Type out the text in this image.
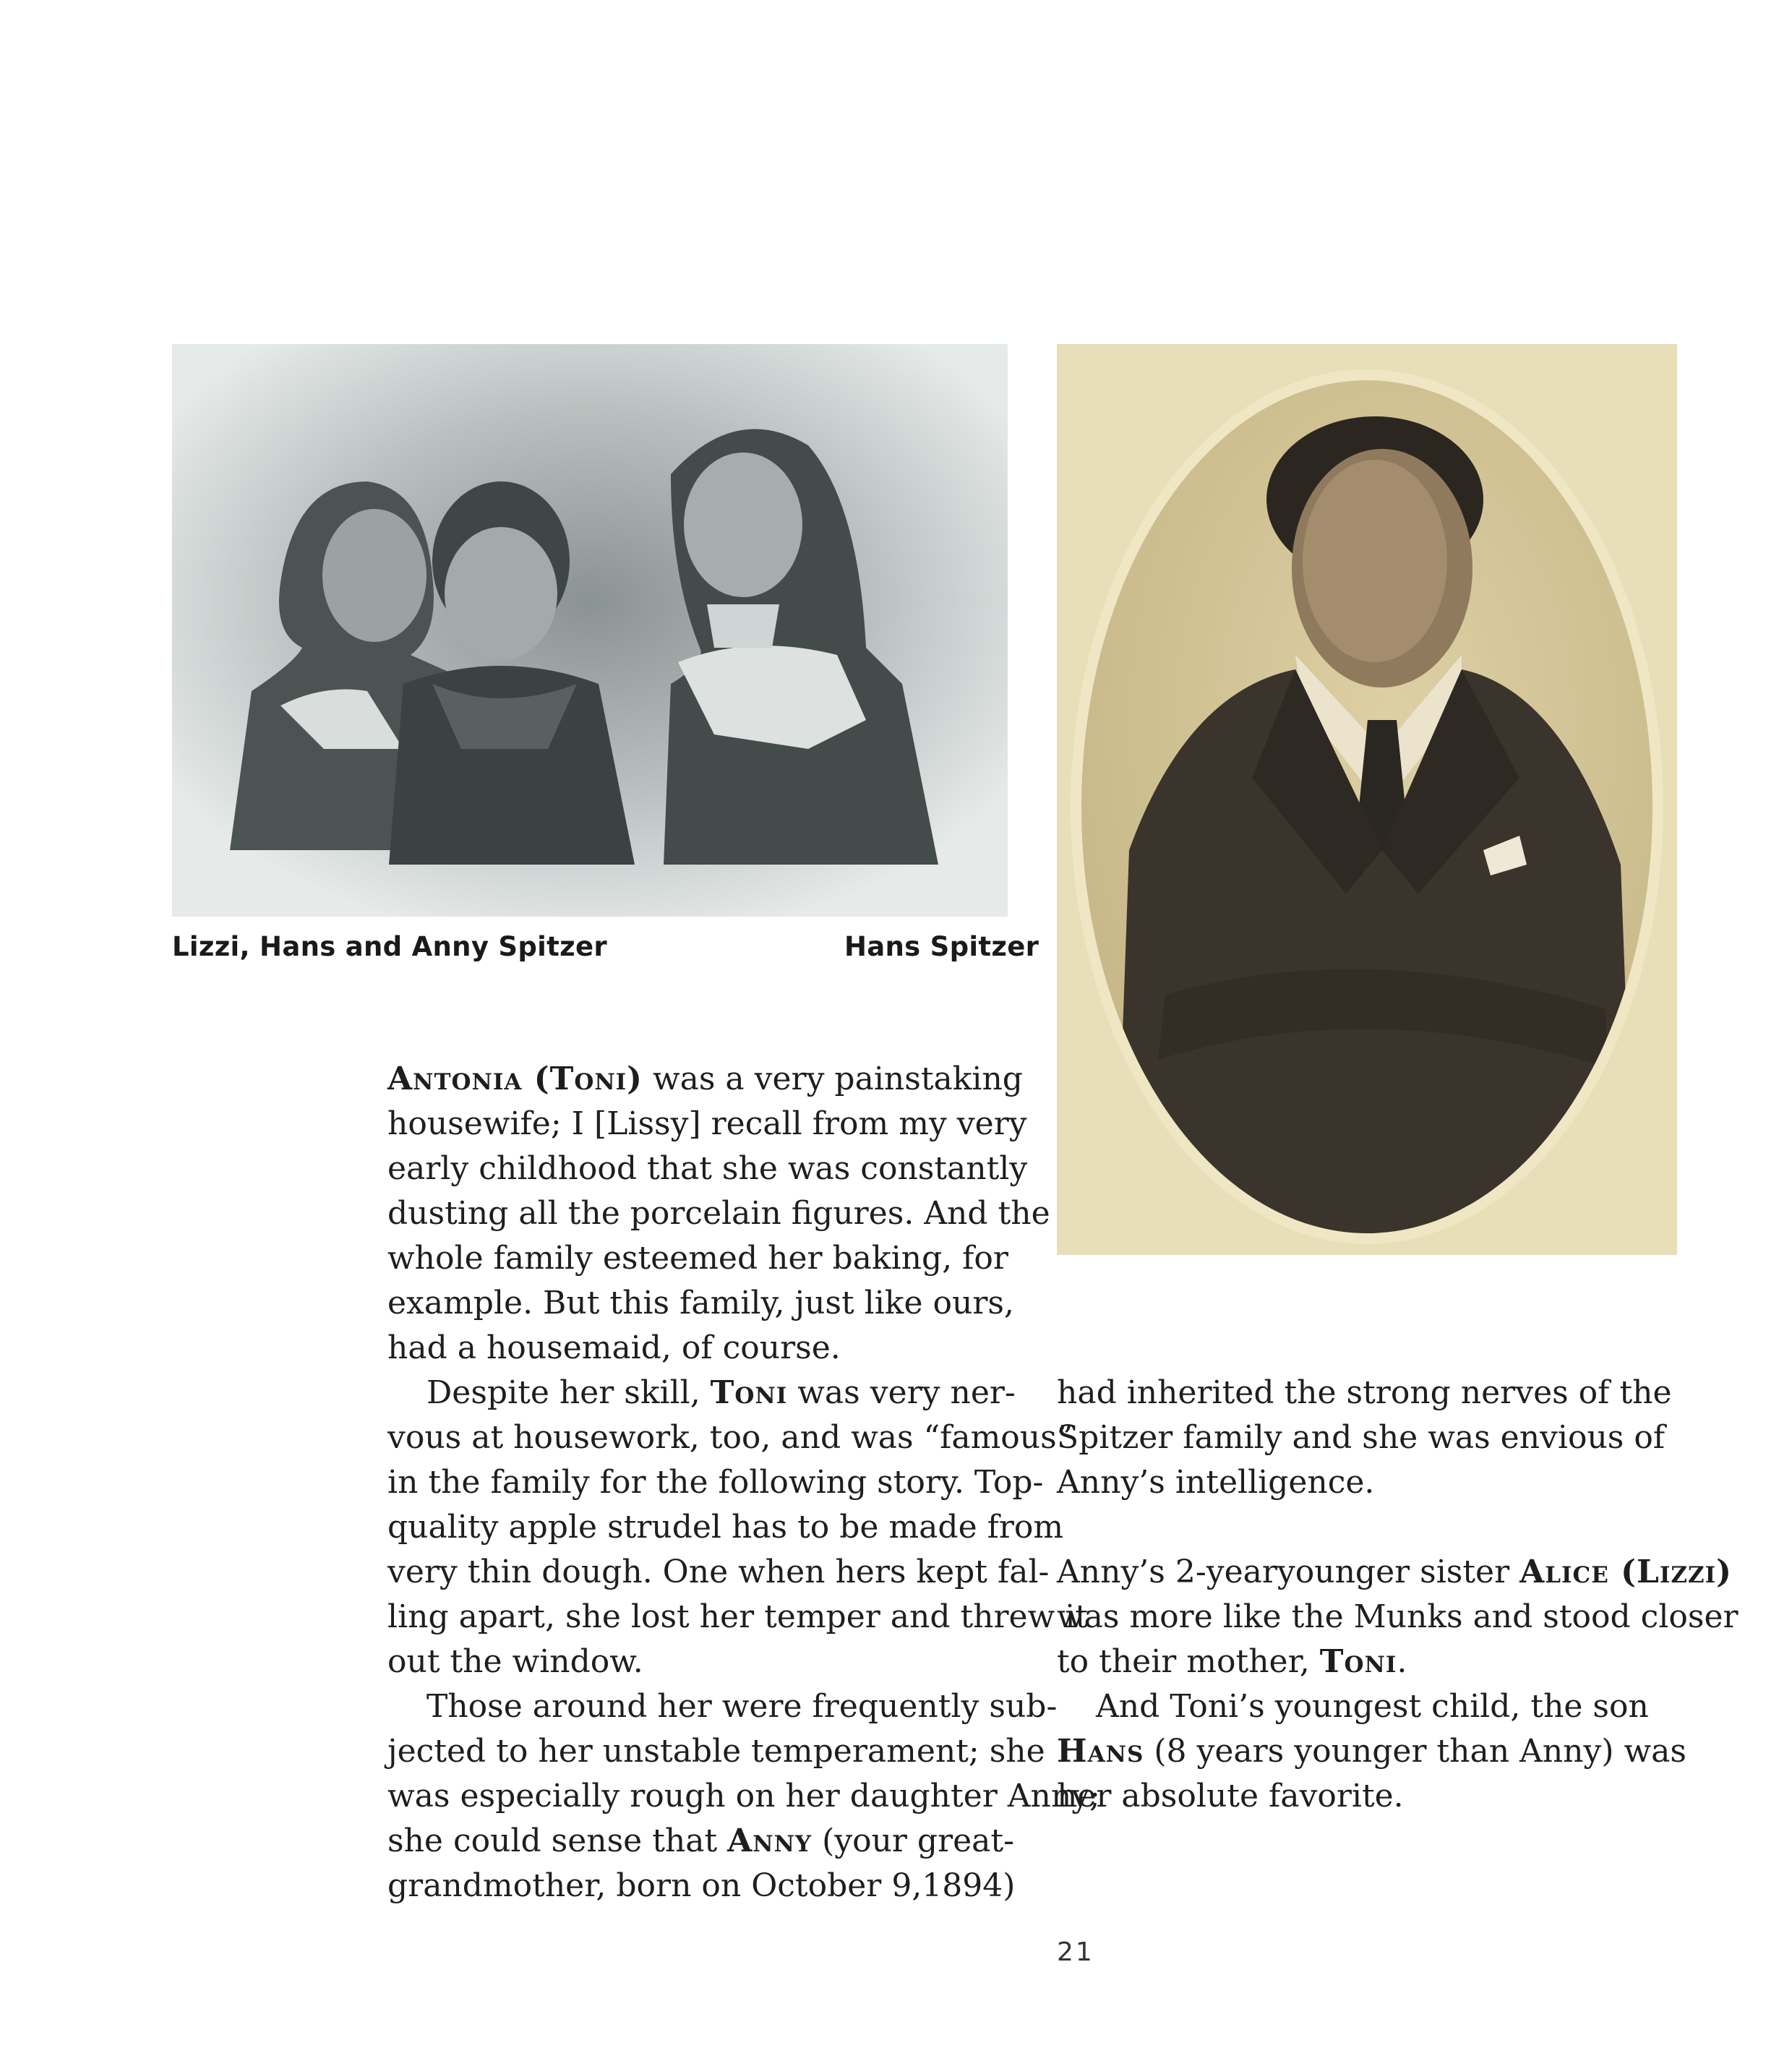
Lizzi, Hans and Anny Spitzer	Hans Spitzer

Antonia (Toni) was a very painstaking

housewife; I [Lissy] recall from my very

early childhood that she was constantly

dusting all the porcelain figures. And the

whole family esteemed her baking, for

example. But this family, just like ours,

had a housemaid, of course.

Despite her skill, Toni was very ner-

vous at housework, too, and was “famous”

in the family for the following story. Top-

quality apple strudel has to be made from

very thin dough. One when hers kept fal-

ling apart, she lost her temper and threw it

out the window.

Those around her were frequently sub-

jected to her unstable temperament; she

was especially rough on her daughter Anny;

she could sense that Anny (your great-

grandmother, born on October 9,1894)

had inherited the strong nerves of the

Spitzer family and she was envious of

Anny’s intelligence.

Anny’s 2-yearyounger sister Alice (Lizzi)

was more like the Munks and stood closer

to their mother, Toni.

And Toni’s youngest child, the son

Hans (8 years younger than Anny) was

her absolute favorite.

21
